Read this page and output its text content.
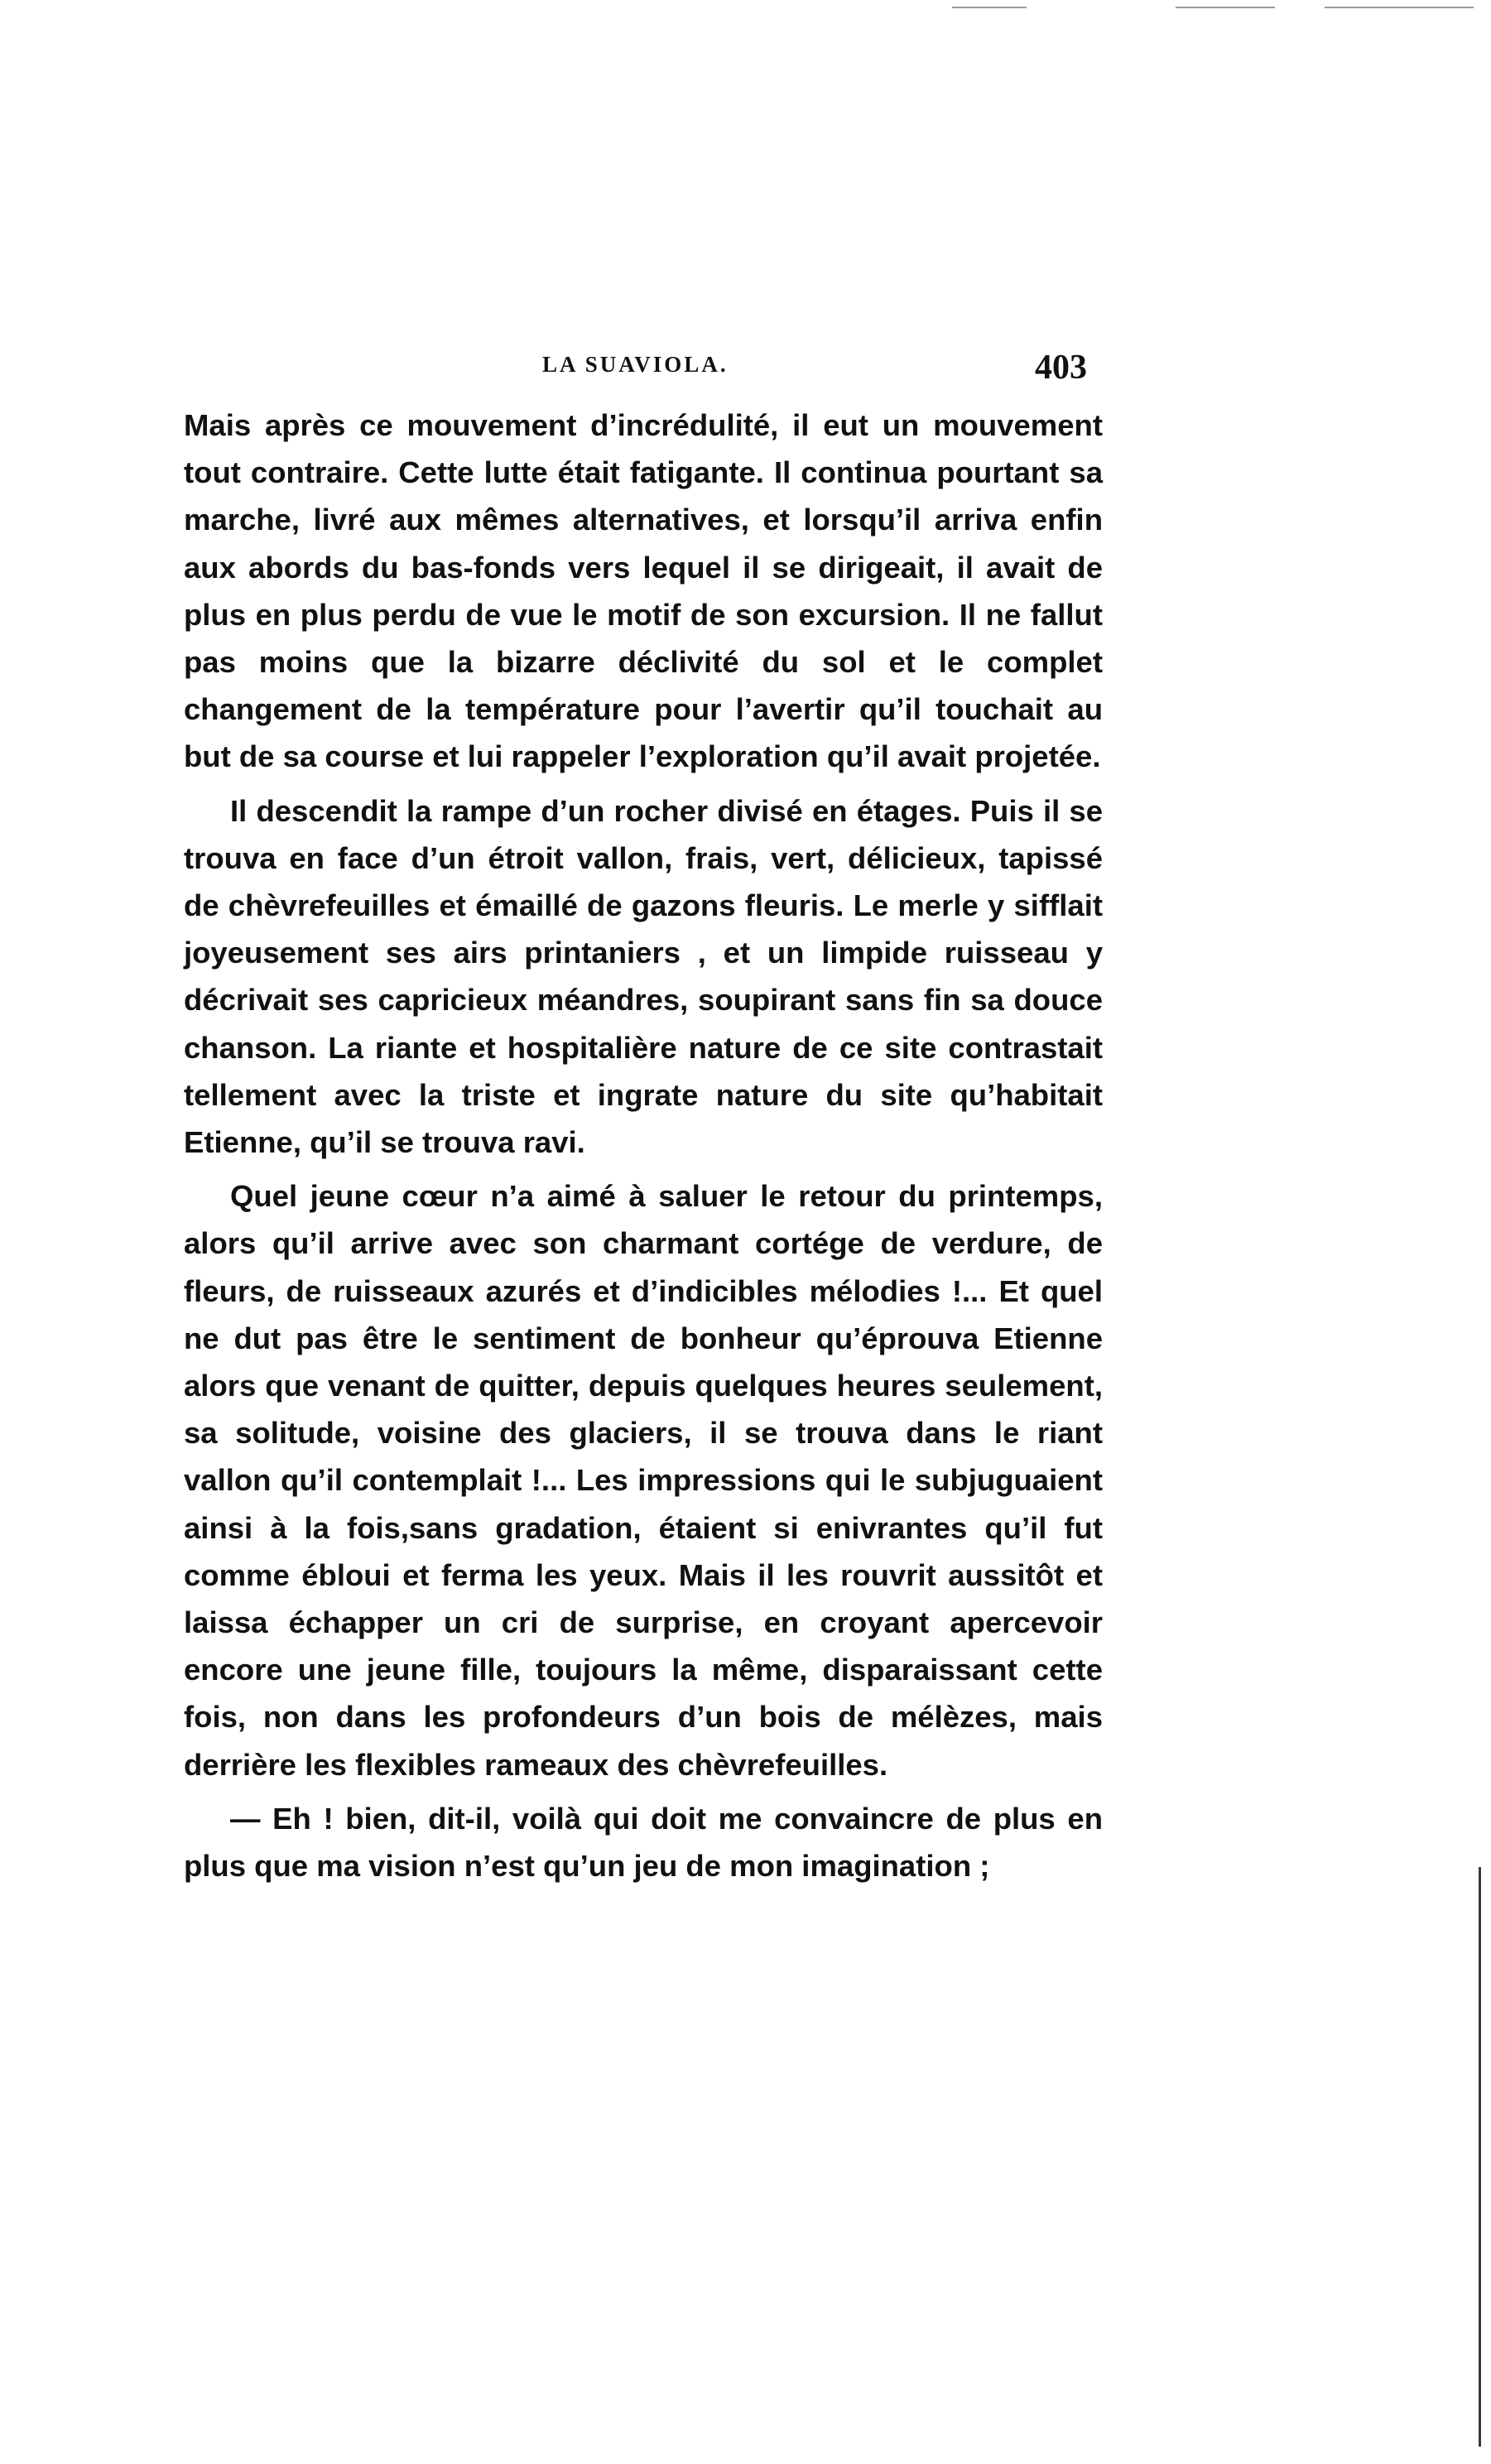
LA SUAVIOLA.	403

Mais après ce mouvement d’incrédulité, il eut un mouvement tout contraire. Cette lutte était fatigante. Il continua pourtant sa marche, livré aux mêmes alternatives, et lorsqu’il arriva enfin aux abords du bas-fonds vers lequel il se dirigeait, il avait de plus en plus perdu de vue le motif de son excursion. Il ne fallut pas moins que la bizarre déclivité du sol et le complet changement de la température pour l’avertir qu’il touchait au but de sa course et lui rappeler l’exploration qu’il avait projetée.

Il descendit la rampe d’un rocher divisé en étages. Puis il se trouva en face d’un étroit vallon, frais, vert, délicieux, tapissé de chèvrefeuilles et émaillé de gazons fleuris. Le merle y sifflait joyeusement ses airs printaniers , et un limpide ruisseau y décrivait ses capricieux méandres, soupirant sans fin sa douce chanson. La riante et hospitalière nature de ce site contrastait tellement avec la triste et ingrate nature du site qu’habitait Etienne, qu’il se trouva ravi.

Quel jeune cœur n’a aimé à saluer le retour du printemps, alors qu’il arrive avec son charmant cortége de verdure, de fleurs, de ruisseaux azurés et d’indicibles mélodies !... Et quel ne dut pas être le sentiment de bonheur qu’éprouva Etienne alors que venant de quitter, depuis quelques heures seulement, sa solitude, voisine des glaciers, il se trouva dans le riant vallon qu’il contemplait !... Les impressions qui le subjuguaient ainsi à la fois,sans gradation, étaient si enivrantes qu’il fut comme ébloui et ferma les yeux. Mais il les rouvrit aussitôt et laissa échapper un cri de surprise, en croyant apercevoir encore une jeune fille, toujours la même, disparaissant cette fois, non dans les profondeurs d’un bois de mélèzes, mais derrière les flexibles rameaux des chèvrefeuilles.

— Eh ! bien, dit-il, voilà qui doit me convaincre de plus en plus que ma vision n’est qu’un jeu de mon imagination ;
